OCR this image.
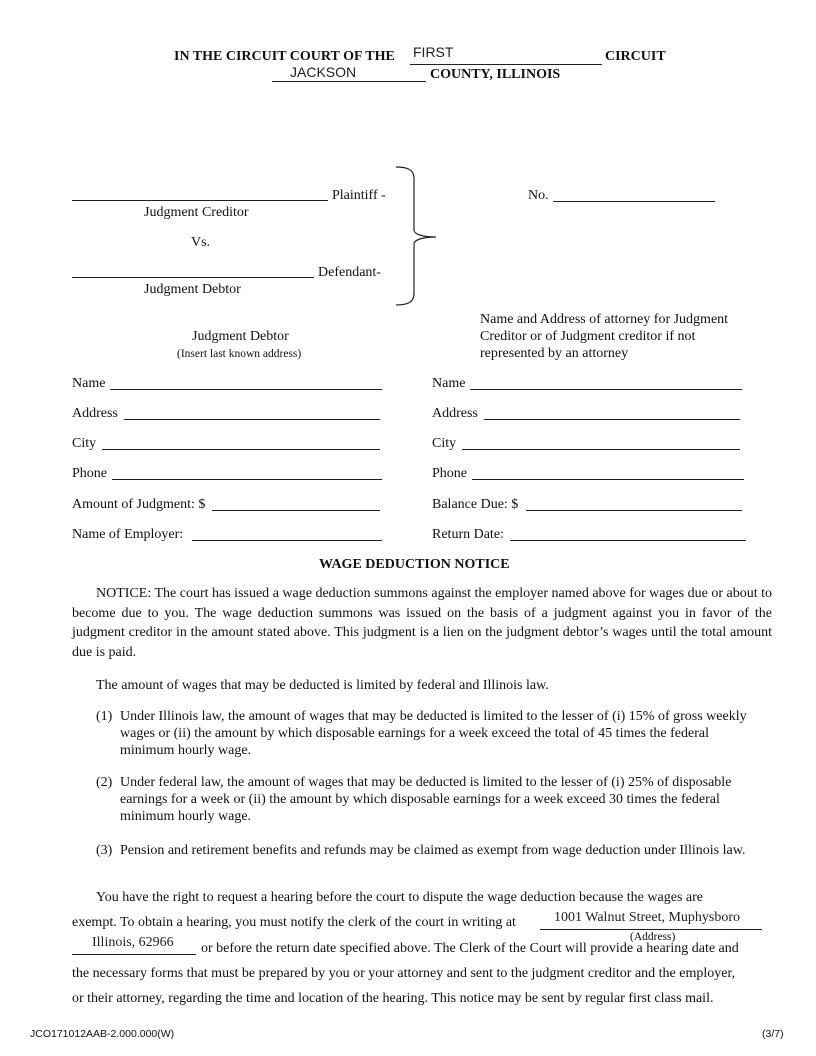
IN THE CIRCUIT COURT OF THE FIRST	CIRCUIT
JACKSON	COUNTY, ILLINOIS
Plaintiff -
Judgment Creditor
Vs.
Defendant-
Judgment Debtor
No.
Judgment Debtor
(Insert last known address)
Name
Address
City
Phone
Amount of Judgment: $
Name of Employer:
Name and Address of attorney for Judgment
Creditor or of Judgment creditor if not
represented by an attorney
Name
Address
City
Phone
Balance Due: $
Return Date:
WAGE DEDUCTION NOTICE
NOTICE: The court has issued a wage deduction summons against the employer named above for wages due or about to become due to you. The wage deduction summons was issued on the basis of a judgment against you in favor of the judgment creditor in the amount stated above. This judgment is a lien on the judgment debtor’s wages until the total amount due is paid.
The amount of wages that may be deducted is limited by federal and Illinois law.
(1) Under Illinois law, the amount of wages that may be deducted is limited to the lesser of (i) 15% of gross weekly wages or (ii) the amount by which disposable earnings for a week exceed the total of 45 times the federal minimum hourly wage.
(2) Under federal law, the amount of wages that may be deducted is limited to the lesser of (i) 25% of disposable earnings for a week or (ii) the amount by which disposable earnings for a week exceed 30 times the federal minimum hourly wage.
(3) Pension and retirement benefits and refunds may be claimed as exempt from wage deduction under Illinois law.
You have the right to request a hearing before the court to dispute the wage deduction because the wages are
exempt. To obtain a hearing, you must notify the clerk of the court in writing at	1001 Walnut Street, Muphysboro
(Address)
Illinois, 62966 or before the return date specified above. The Clerk of the Court will provide a hearing date and
the necessary forms that must be prepared by you or your attorney and sent to the judgment creditor and the employer,
or their attorney, regarding the time and location of the hearing. This notice may be sent by regular first class mail.
JCO171012AAB-2.000.000(W)	(3/7)
